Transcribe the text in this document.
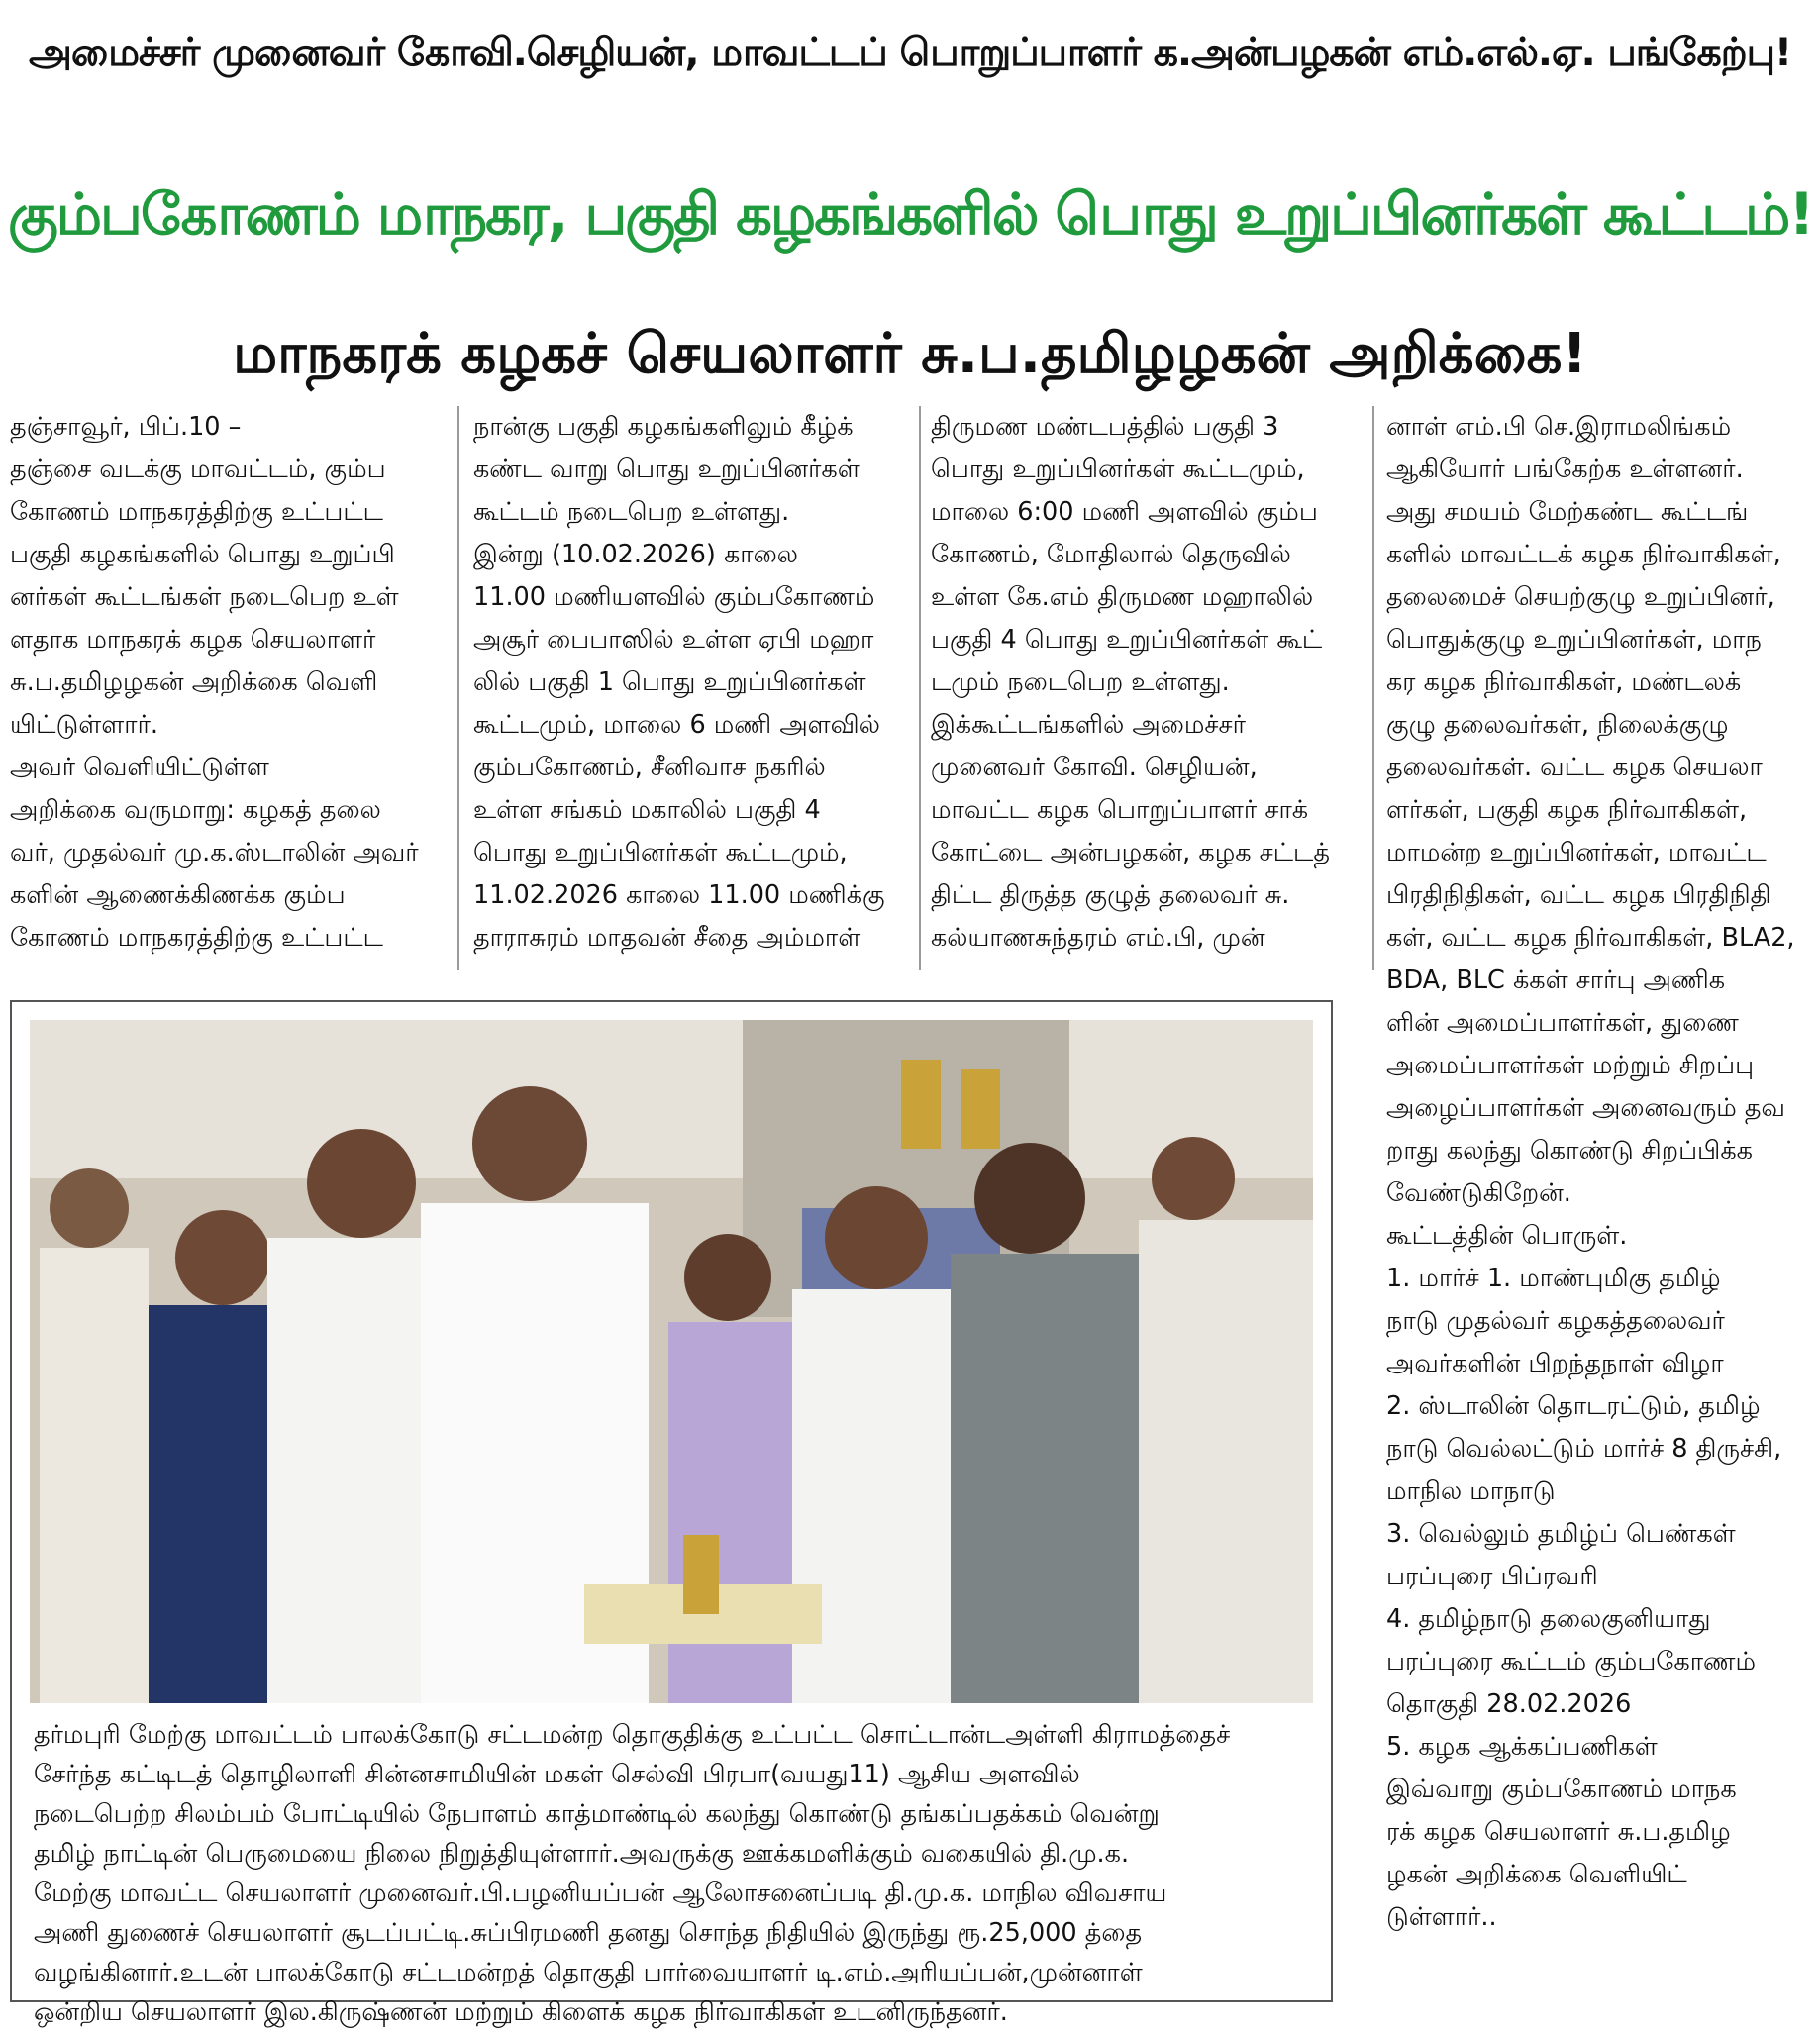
அமைச்சர் முனைவர் கோவி.செழியன், மாவட்டப் பொறுப்பாளர் க.அன்பழகன் எம்.எல்.ஏ. பங்கேற்பு!
கும்பகோணம் மாநகர, பகுதி கழகங்களில் பொது உறுப்பினர்கள் கூட்டம்!
மாநகரக் கழகச் செயலாளர் சு.ப.தமிழழகன் அறிக்கை!
தஞ்சாவூர், பிப்.10 –
தஞ்சை வடக்கு மாவட்டம், கும்ப
கோணம் மாநகரத்திற்கு உட்பட்ட
பகுதி கழகங்களில் பொது உறுப்பி
னர்கள் கூட்டங்கள் நடைபெற உள்
ளதாக மாநகரக் கழக செயலாளர்
சு.ப.தமிழழகன் அறிக்கை வெளி
யிட்டுள்ளார்.
அவர் வெளியிட்டுள்ள
அறிக்கை வருமாறு: கழகத் தலை
வர், முதல்வர் மு.க.ஸ்டாலின் அவர்
களின் ஆணைக்கிணக்க கும்ப
கோணம் மாநகரத்திற்கு உட்பட்ட
நான்கு பகுதி கழகங்களிலும் கீழ்க்
கண்ட வாறு பொது உறுப்பினர்கள்
கூட்டம் நடைபெற உள்ளது.
இன்று (10.02.2026) காலை
11.00 மணியளவில் கும்பகோணம்
அசூர் பைபாஸில் உள்ள ஏபி மஹா
லில் பகுதி 1 பொது உறுப்பினர்கள்
கூட்டமும், மாலை 6 மணி அளவில்
கும்பகோணம், சீனிவாச நகரில்
உள்ள சங்கம் மகாலில் பகுதி 4
பொது உறுப்பினர்கள் கூட்டமும்,
11.02.2026 காலை 11.00 மணிக்கு
தாராசுரம் மாதவன் சீதை அம்மாள்
திருமண மண்டபத்தில் பகுதி 3
பொது உறுப்பினர்கள் கூட்டமும்,
மாலை 6:00 மணி அளவில் கும்ப
கோணம், மோதிலால் தெருவில்
உள்ள கே.எம் திருமண மஹாலில்
பகுதி 4 பொது உறுப்பினர்கள் கூட்
டமும் நடைபெற உள்ளது.
இக்கூட்டங்களில் அமைச்சர்
முனைவர் கோவி. செழியன்,
மாவட்ட கழக பொறுப்பாளர் சாக்
கோட்டை அன்பழகன், கழக சட்டத்
திட்ட திருத்த குழுத் தலைவர் சு.
கல்யாணசுந்தரம் எம்.பி, முன்
னாள் எம்.பி செ.இராமலிங்கம்
ஆகியோர் பங்கேற்க உள்ளனர்.
அது சமயம் மேற்கண்ட கூட்டங்
களில் மாவட்டக் கழக நிர்வாகிகள்,
தலைமைச் செயற்குழு உறுப்பினர்,
பொதுக்குழு உறுப்பினர்கள், மாந
கர கழக நிர்வாகிகள், மண்டலக்
குழு தலைவர்கள், நிலைக்குழு
தலைவர்கள். வட்ட கழக செயலா
ளர்கள், பகுதி கழக நிர்வாகிகள்,
மாமன்ற உறுப்பினர்கள், மாவட்ட
பிரதிநிதிகள், வட்ட கழக பிரதிநிதி
கள், வட்ட கழக நிர்வாகிகள், BLA2,
BDA, BLC க்கள் சார்பு அணிக
ளின் அமைப்பாளர்கள், துணை
அமைப்பாளர்கள் மற்றும் சிறப்பு
அழைப்பாளர்கள் அனைவரும் தவ
றாது கலந்து கொண்டு சிறப்பிக்க
வேண்டுகிறேன்.
கூட்டத்தின் பொருள்.
1. மார்ச் 1. மாண்புமிகு தமிழ்
நாடு முதல்வர் கழகத்தலைவர்
அவர்களின் பிறந்தநாள் விழா
2. ஸ்டாலின் தொடரட்டும், தமிழ்
நாடு வெல்லட்டும் மார்ச் 8 திருச்சி,
மாநில மாநாடு
3. வெல்லும் தமிழ்ப் பெண்கள்
பரப்புரை பிப்ரவரி
4. தமிழ்நாடு தலைகுனியாது
பரப்புரை கூட்டம் கும்பகோணம்
தொகுதி 28.02.2026
5. கழக ஆக்கப்பணிகள்
இவ்வாறு கும்பகோணம் மாநக
ரக் கழக செயலாளர் சு.ப.தமிழ
ழகன் அறிக்கை வெளியிட்
டுள்ளார்..
தர்மபுரி மேற்கு மாவட்டம் பாலக்கோடு சட்டமன்ற தொகுதிக்கு உட்பட்ட சொட்டான்டஅள்ளி கிராமத்தைச்
சேர்ந்த கட்டிடத் தொழிலாளி சின்னசாமியின் மகள் செல்வி பிரபா(வயது11) ஆசிய அளவில்
நடைபெற்ற சிலம்பம் போட்டியில் நேபாளம் காத்மாண்டில் கலந்து கொண்டு தங்கப்பதக்கம் வென்று
தமிழ் நாட்டின் பெருமையை நிலை நிறுத்தியுள்ளார்.அவருக்கு ஊக்கமளிக்கும் வகையில் தி.மு.க.
மேற்கு மாவட்ட செயலாளர் முனைவர்.பி.பழனியப்பன் ஆலோசனைப்படி தி.மு.க. மாநில விவசாய
அணி துணைச் செயலாளர் சூடப்பட்டி.சுப்பிரமணி தனது சொந்த நிதியில் இருந்து ரூ.25,000 த்தை
வழங்கினார்.உடன் பாலக்கோடு சட்டமன்றத் தொகுதி பார்வையாளர் டி.எம்.அரியப்பன்,முன்னாள்
ஒன்றிய செயலாளர் இல.கிருஷ்ணன் மற்றும் கிளைக் கழக நிர்வாகிகள் உடனிருந்தனர்.
